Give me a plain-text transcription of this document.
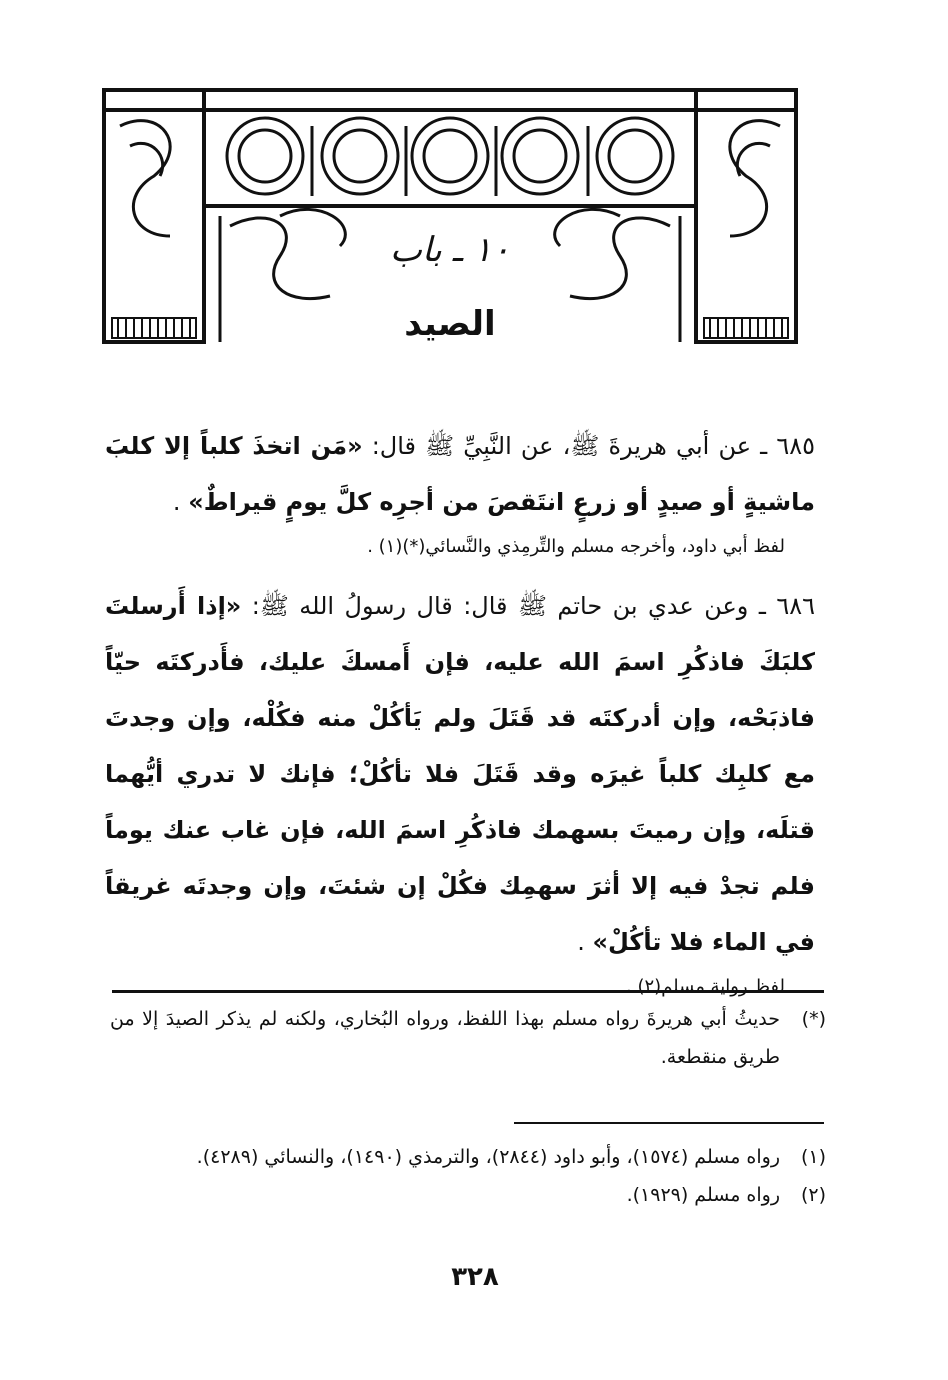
١٠ ـ باب
الصيد

٦٨٥ ـ عن أبي هريرةَ ﷺ، عن النَّبِيِّ ﷺ قال: «مَن اتخذَ كلباً إلا كلبَ ماشيةٍ أو صيدٍ أو زرعٍ انتَقصَ من أجرِه كلَّ يومٍ قيراطٌ» .

لفظ أبي داود، وأخرجه مسلم والتِّرمِذي والنَّسائي(*)(١) .

٦٨٦ ـ وعن عدي بن حاتم ﷺ قال: قال رسولُ الله ﷺ: «إذا أَرسلتَ كلبَكَ فاذكُرِ اسمَ الله عليه، فإن أَمسكَ عليك، فأَدركتَه حيّاً فاذبَحْه، وإن أدركتَه قد قَتَلَ ولم يَأكُلْ منه فكُلْه، وإن وجدتَ مع كلبِك كلباً غيرَه وقد قَتَلَ فلا تأكُلْ؛ فإنك لا تدري أيُّهما قتلَه، وإن رميتَ بسهمك فاذكُرِ اسمَ الله، فإن غاب عنك يوماً فلم تجدْ فيه إلا أثرَ سهمِك فكُلْ إن شئتَ، وإن وجدتَه غريقاً في الماء فلا تأكُلْ» .

لفظ رواية مسلم(٢) .

(*)
حديثُ أبي هريرةَ رواه مسلم بهذا اللفظ، ورواه البُخاري، ولكنه لم يذكر الصيدَ إلا من طريق منقطعة.

(١)
رواه مسلم (١٥٧٤)، وأبو داود (٢٨٤٤)، والترمذي (١٤٩٠)، والنسائي (٤٢٨٩).

(٢)
رواه مسلم (١٩٢٩).

٣٢٨
